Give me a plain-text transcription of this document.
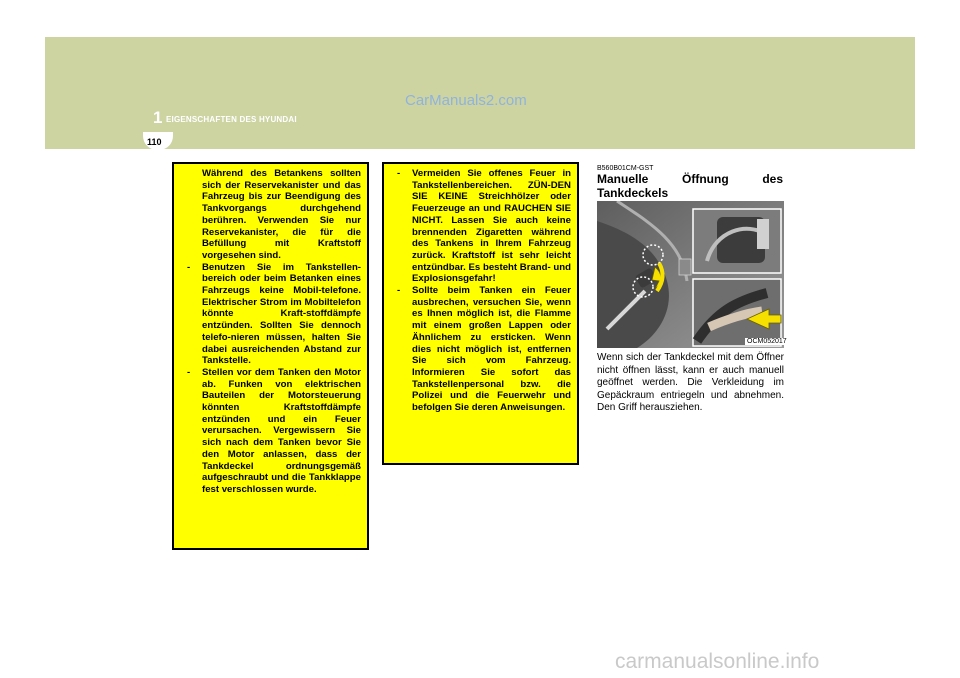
1 EIGENSCHAFTEN DES HYUNDAI
110
CarManuals2.com

Während des Betankens sollten sich der Reservekanister und das Fahrzeug bis zur Beendigung des Tankvorgangs durchgehend berühren. Verwenden Sie nur Reservekanister, die für die Befüllung mit Kraftstoff vorgesehen sind.

- Benutzen Sie im Tankstellen-bereich oder beim Betanken eines Fahrzeugs keine Mobil-telefone. Elektrischer Strom im Mobiltelefon könnte Kraft-stoffdämpfe entzünden. Sollten Sie dennoch telefo-nieren müssen, halten Sie dabei ausreichenden Abstand zur Tankstelle.

- Stellen vor dem Tanken den Motor ab. Funken von elektrischen Bauteilen der Motorsteuerung könnten Kraftstoffdämpfe entzünden und ein Feuer verursachen. Vergewissern Sie sich nach dem Tanken bevor Sie den Motor anlassen, dass der Tankdeckel ordnungsgemäß aufgeschraubt und die Tankklappe fest verschlossen wurde.

- Vermeiden Sie offenes Feuer in Tankstellenbereichen. ZÜN-DEN SIE KEINE Streichhölzer oder Feuerzeuge an und RAUCHEN SIE NICHT. Lassen Sie auch keine brennenden Zigaretten während des Tankens in Ihrem Fahrzeug zurück. Kraftstoff ist sehr leicht entzündbar. Es besteht Brand- und Explosionsgefahr!

- Sollte beim Tanken ein Feuer ausbrechen, versuchen Sie, wenn es Ihnen möglich ist, die Flamme mit einem großen Lappen oder Ähnlichem zu ersticken. Wenn dies nicht möglich ist, entfernen Sie sich vom Fahrzeug. Informieren Sie sofort das Tankstellenpersonal bzw. die Polizei und die Feuerwehr und befolgen Sie deren Anweisungen.

B560B01CM-GST
Manuelle Öffnung des
Tankdeckels
OCM052017
Wenn sich der Tankdeckel mit dem Öffner nicht öffnen lässt, kann er auch manuell geöffnet werden. Die Verkleidung im Gepäckraum entriegeln und abnehmen. Den Griff herausziehen.
carmanualsonline.info
